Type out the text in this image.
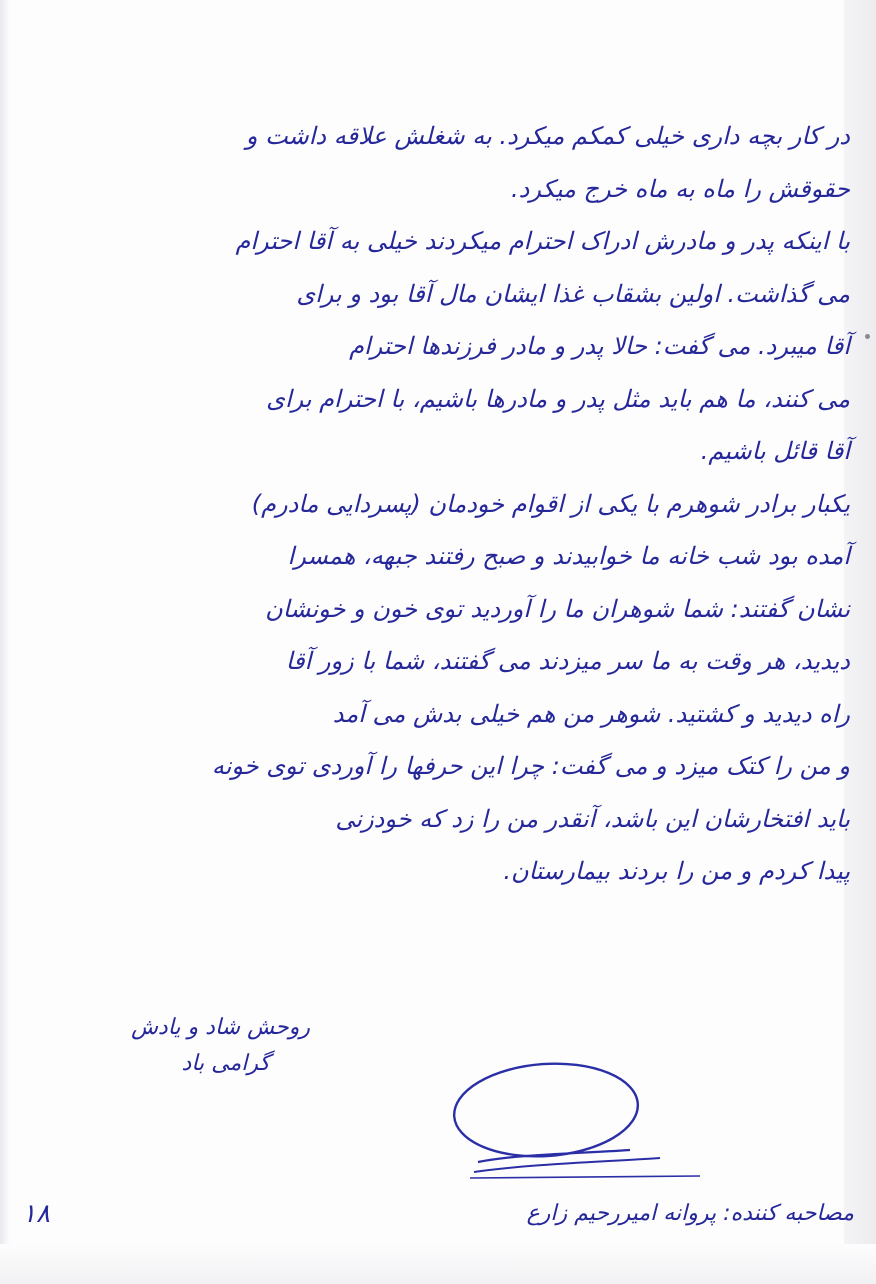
در کار بچه داری خیلی کمکم میکرد. به شغلش علاقه داشت و
حقوقش را ماه به ماه خرج میکرد.
با اینکه پدر و مادرش ادراک احترام میکردند خیلی به آقا احترام
می گذاشت. اولین بشقاب غذا ایشان مال آقا بود و برای
آقا میبرد. می گفت: حالا پدر و مادر فرزندها احترام
می کنند، ما هم باید مثل پدر و مادرها باشیم، با احترام برای
آقا قائل باشیم.
یکبار برادر شوهرم با یکی از اقوام خودمان (پسردایی مادرم)
آمده بود شب خانه ما خوابیدند و صبح رفتند جبهه، همسرا
نشان گفتند: شما شوهران ما را آوردید توی خون و خونشان
دیدید، هر وقت به ما سر میزدند می گفتند، شما با زور آقا
راه دیدید و کشتید. شوهر من هم خیلی بدش می آمد
و من را کتک میزد و می گفت: چرا این حرفها را آوردی توی خونه
باید افتخارشان این باشد، آنقدر من را زد که خودزنی
پیدا کردم و من را بردند بیمارستان.
روحش شاد و یادش
گرامی باد
مصاحبه کننده: پروانه امیررحیم زارع
۱۸
